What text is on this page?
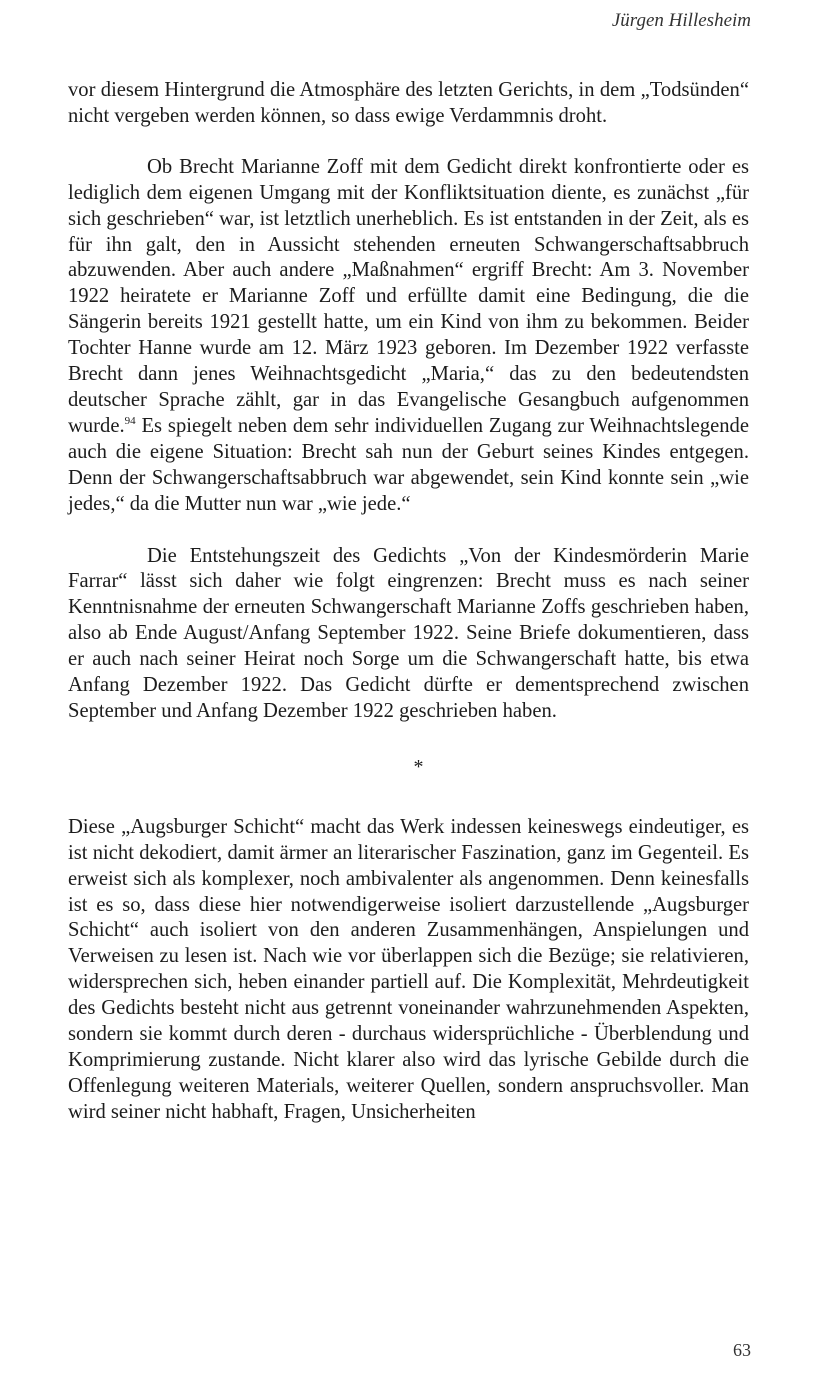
Jürgen Hillesheim

vor diesem Hintergrund die Atmosphäre des letzten Gerichts, in dem „Todsünden“ nicht vergeben werden können, so dass ewige Verdammnis droht.

Ob Brecht Marianne Zoff mit dem Gedicht direkt konfrontierte oder es lediglich dem eigenen Umgang mit der Konfliktsituation diente, es zunächst „für sich geschrieben“ war, ist letztlich unerheblich. Es ist entstanden in der Zeit, als es für ihn galt, den in Aussicht stehenden erneuten Schwangerschaftsabbruch abzuwenden. Aber auch andere „Maßnahmen“ ergriff Brecht: Am 3. November 1922 heiratete er Marianne Zoff und erfüllte damit eine Bedingung, die die Sängerin bereits 1921 gestellt hatte, um ein Kind von ihm zu bekommen. Beider Tochter Hanne wurde am 12. März 1923 geboren. Im Dezember 1922 verfasste Brecht dann jenes Weihnachtsgedicht „Maria,“ das zu den bedeutendsten deutscher Sprache zählt, gar in das Evangelische Gesangbuch aufgenommen wurde.$^{94}$ Es spiegelt neben dem sehr individuellen Zugang zur Weihnachtslegende auch die eigene Situation: Brecht sah nun der Geburt seines Kindes entgegen. Denn der Schwangerschaftsabbruch war abgewendet, sein Kind konnte sein „wie jedes,“ da die Mutter nun war „wie jede.“

Die Entstehungszeit des Gedichts „Von der Kindesmörderin Marie Farrar“ lässt sich daher wie folgt eingrenzen: Brecht muss es nach seiner Kenntnisnahme der erneuten Schwangerschaft Marianne Zoffs geschrieben haben, also ab Ende August/Anfang September 1922. Seine Briefe dokumentieren, dass er auch nach seiner Heirat noch Sorge um die Schwangerschaft hatte, bis etwa Anfang Dezember 1922. Das Gedicht dürfte er dementsprechend zwischen September und Anfang Dezember 1922 geschrieben haben.

*

Diese „Augsburger Schicht“ macht das Werk indessen keineswegs eindeutiger, es ist nicht dekodiert, damit ärmer an literarischer Faszination, ganz im Gegenteil. Es erweist sich als komplexer, noch ambivalenter als angenommen. Denn keinesfalls ist es so, dass diese hier notwendigerweise isoliert darzustellende „Augsburger Schicht“ auch isoliert von den anderen Zusammenhängen, Anspielungen und Verweisen zu lesen ist. Nach wie vor überlappen sich die Bezüge; sie relativieren, widersprechen sich, heben einander partiell auf. Die Komplexität, Mehrdeutigkeit des Gedichts besteht nicht aus getrennt voneinander wahrzunehmenden Aspekten, sondern sie kommt durch deren - durchaus widersprüchliche - Überblendung und Komprimierung zustande. Nicht klarer also wird das lyrische Gebilde durch die Offenlegung weiteren Materials, weiterer Quellen, sondern anspruchsvoller. Man wird seiner nicht habhaft, Fragen, Unsicherheiten

63
